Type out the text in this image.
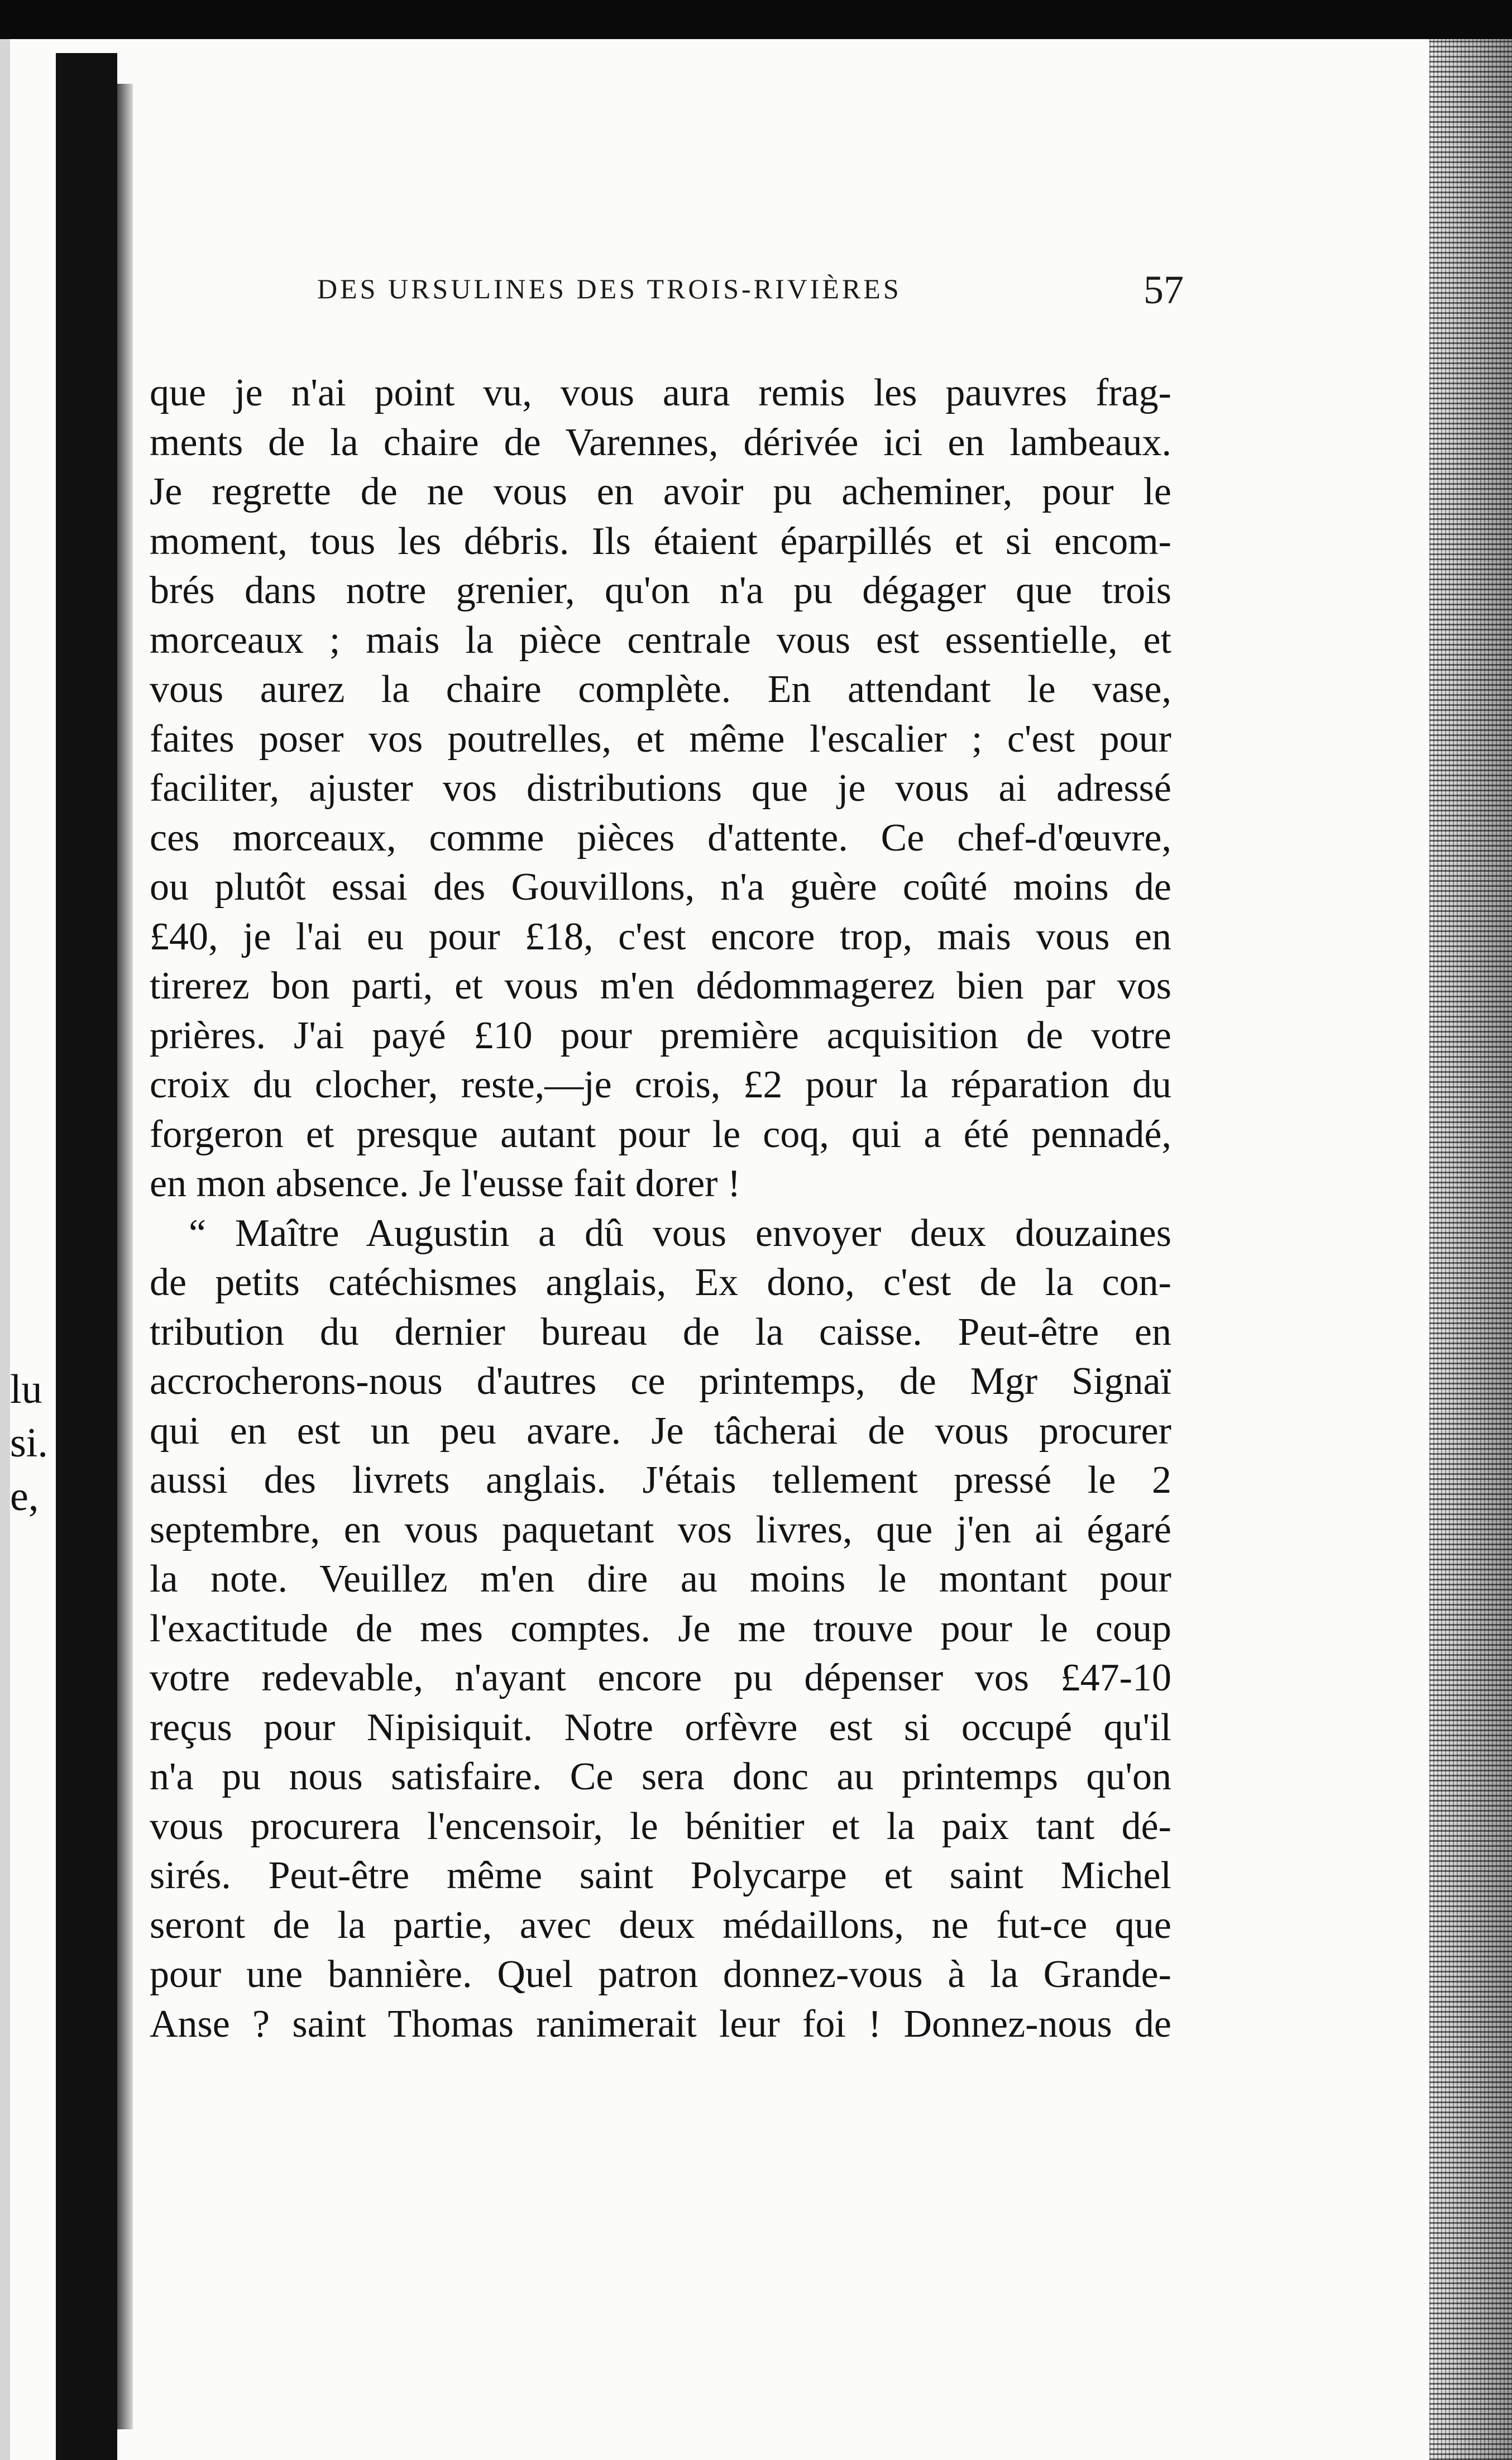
lu
si.
e,
DES URSULINES DES TROIS-RIVIÈRES	57
que je n'ai point vu, vous aura remis les pauvres frag-
ments de la chaire de Varennes, dérivée ici en lambeaux.
Je regrette de ne vous en avoir pu acheminer, pour le
moment, tous les débris. Ils étaient éparpillés et si encom-
brés dans notre grenier, qu'on n'a pu dégager que trois
morceaux ; mais la pièce centrale vous est essentielle, et
vous aurez la chaire complète. En attendant le vase,
faites poser vos poutrelles, et même l'escalier ; c'est pour
faciliter, ajuster vos distributions que je vous ai adressé
ces morceaux, comme pièces d'attente. Ce chef-d'œuvre,
ou plutôt essai des Gouvillons, n'a guère coûté moins de
£40, je l'ai eu pour £18, c'est encore trop, mais vous en
tirerez bon parti, et vous m'en dédommagerez bien par vos
prières. J'ai payé £10 pour première acquisition de votre
croix du clocher, reste,—je crois, £2 pour la réparation du
forgeron et presque autant pour le coq, qui a été pennadé,
en mon absence. Je l'eusse fait dorer !
“ Maître Augustin a dû vous envoyer deux douzaines
de petits catéchismes anglais, Ex dono, c'est de la con-
tribution du dernier bureau de la caisse. Peut-être en
accrocherons-nous d'autres ce printemps, de Mgr Signaï
qui en est un peu avare. Je tâcherai de vous procurer
aussi des livrets anglais. J'étais tellement pressé le 2
septembre, en vous paquetant vos livres, que j'en ai égaré
la note. Veuillez m'en dire au moins le montant pour
l'exactitude de mes comptes. Je me trouve pour le coup
votre redevable, n'ayant encore pu dépenser vos £47-10
reçus pour Nipisiquit. Notre orfèvre est si occupé qu'il
n'a pu nous satisfaire. Ce sera donc au printemps qu'on
vous procurera l'encensoir, le bénitier et la paix tant dé-
sirés. Peut-être même saint Polycarpe et saint Michel
seront de la partie, avec deux médaillons, ne fut-ce que
pour une bannière. Quel patron donnez-vous à la Grande-
Anse ? saint Thomas ranimerait leur foi ! Donnez-nous de
